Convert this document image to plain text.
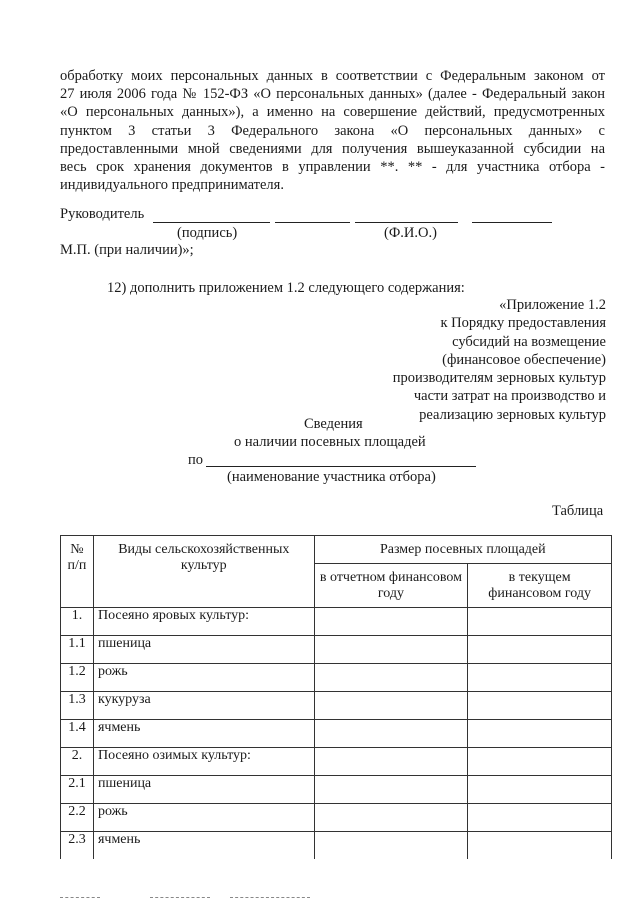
обработку моих персональных данных в соответствии с Федеральным законом от
27 июля 2006 года № 152-ФЗ «О персональных данных» (далее - Федеральный закон
«О персональных данных»), а именно на совершение действий, предусмотренных
пунктом 3 статьи 3 Федерального закона «О персональных данных» с
предоставленными мной сведениями для получения вышеуказанной субсидии на
весь срок хранения документов в управлении **. ** - для участника отбора -
индивидуального предпринимателя.
Руководитель
(подпись)	(Ф.И.О.)
М.П. (при наличии)»;
12) дополнить приложением 1.2 следующего содержания:
«Приложение 1.2
к Порядку предоставления
субсидий на возмещение
(финансовое обеспечение)
производителям зерновых культур
части затрат на производство и
реализацию зерновых культур
Сведения
о наличии посевных площадей
по
(наименование участника отбора)
Таблица
№ п/п	Виды сельскохозяйственных культур	Размер посевных площадей	
		в отчетном финансовом году	в текущем финансовом году
1.	Посеяно яровых культур:		
1.1	пшеница		
1.2	рожь		
1.3	кукуруза		
1.4	ячмень		
2.	Посеяно озимых культур:		
2.1	пшеница		
2.2	рожь		
2.3	ячмень		
